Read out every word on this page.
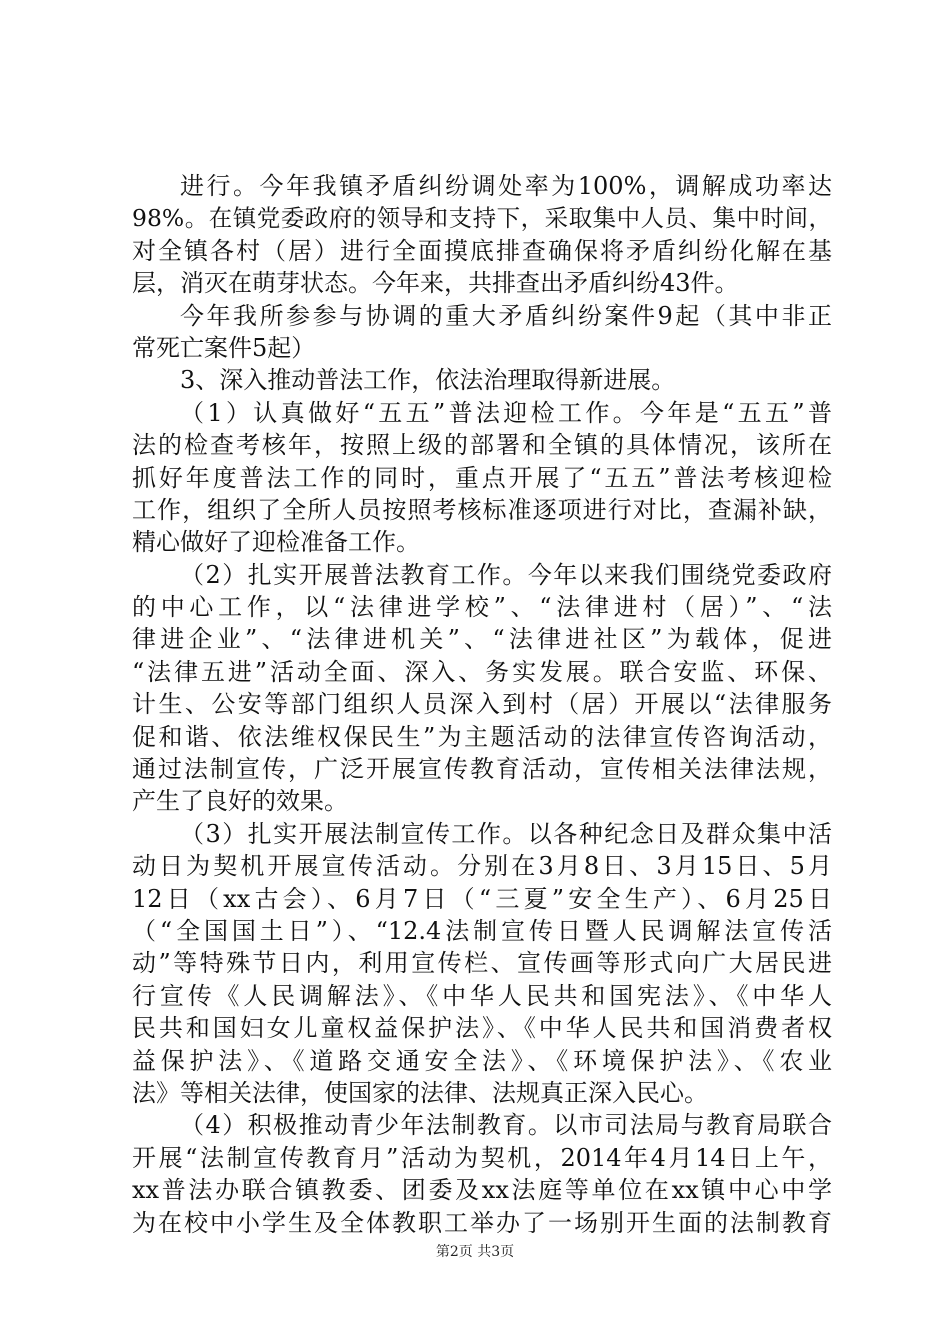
进行。今年我镇矛盾纠纷调处率为100%，调解成功率达
98%。在镇党委政府的领导和支持下，采取集中人员、集中时间，
对全镇各村（居）进行全面摸底排查确保将矛盾纠纷化解在基
层，消灭在萌芽状态。今年来，共排查出矛盾纠纷43件。
今年我所参参与协调的重大矛盾纠纷案件9起（其中非正
常死亡案件5起）
3、深入推动普法工作，依法治理取得新进展。
（1）认真做好“五五”普法迎检工作。今年是“五五”普
法的检查考核年，按照上级的部署和全镇的具体情况，该所在
抓好年度普法工作的同时，重点开展了“五五”普法考核迎检
工作，组织了全所人员按照考核标准逐项进行对比，查漏补缺，
精心做好了迎检准备工作。
（2）扎实开展普法教育工作。今年以来我们围绕党委政府
的中心工作，以“法律进学校”、“法律进村（居）”、“法
律进企业”、“法律进机关”、“法律进社区”为载体，促进
“法律五进”活动全面、深入、务实发展。联合安监、环保、
计生、公安等部门组织人员深入到村（居）开展以“法律服务
促和谐、依法维权保民生”为主题活动的法律宣传咨询活动，
通过法制宣传，广泛开展宣传教育活动，宣传相关法律法规，
产生了良好的效果。
（3）扎实开展法制宣传工作。以各种纪念日及群众集中活
动日为契机开展宣传活动。分别在3月8日、3月15日、5月
12日（xx古会）、6月7日（“三夏”安全生产）、6月25日
（“全国国土日”）、“12.4法制宣传日暨人民调解法宣传活
动”等特殊节日内，利用宣传栏、宣传画等形式向广大居民进
行宣传《人民调解法》、《中华人民共和国宪法》、《中华人
民共和国妇女儿童权益保护法》、《中华人民共和国消费者权
益保护法》、《道路交通安全法》、《环境保护法》、《农业
法》等相关法律，使国家的法律、法规真正深入民心。
（4）积极推动青少年法制教育。以市司法局与教育局联合
开展“法制宣传教育月”活动为契机，2014年4月14日上午，
xx普法办联合镇教委、团委及xx法庭等单位在xx镇中心中学
为在校中小学生及全体教职工举办了一场别开生面的法制教育
第2页 共3页
